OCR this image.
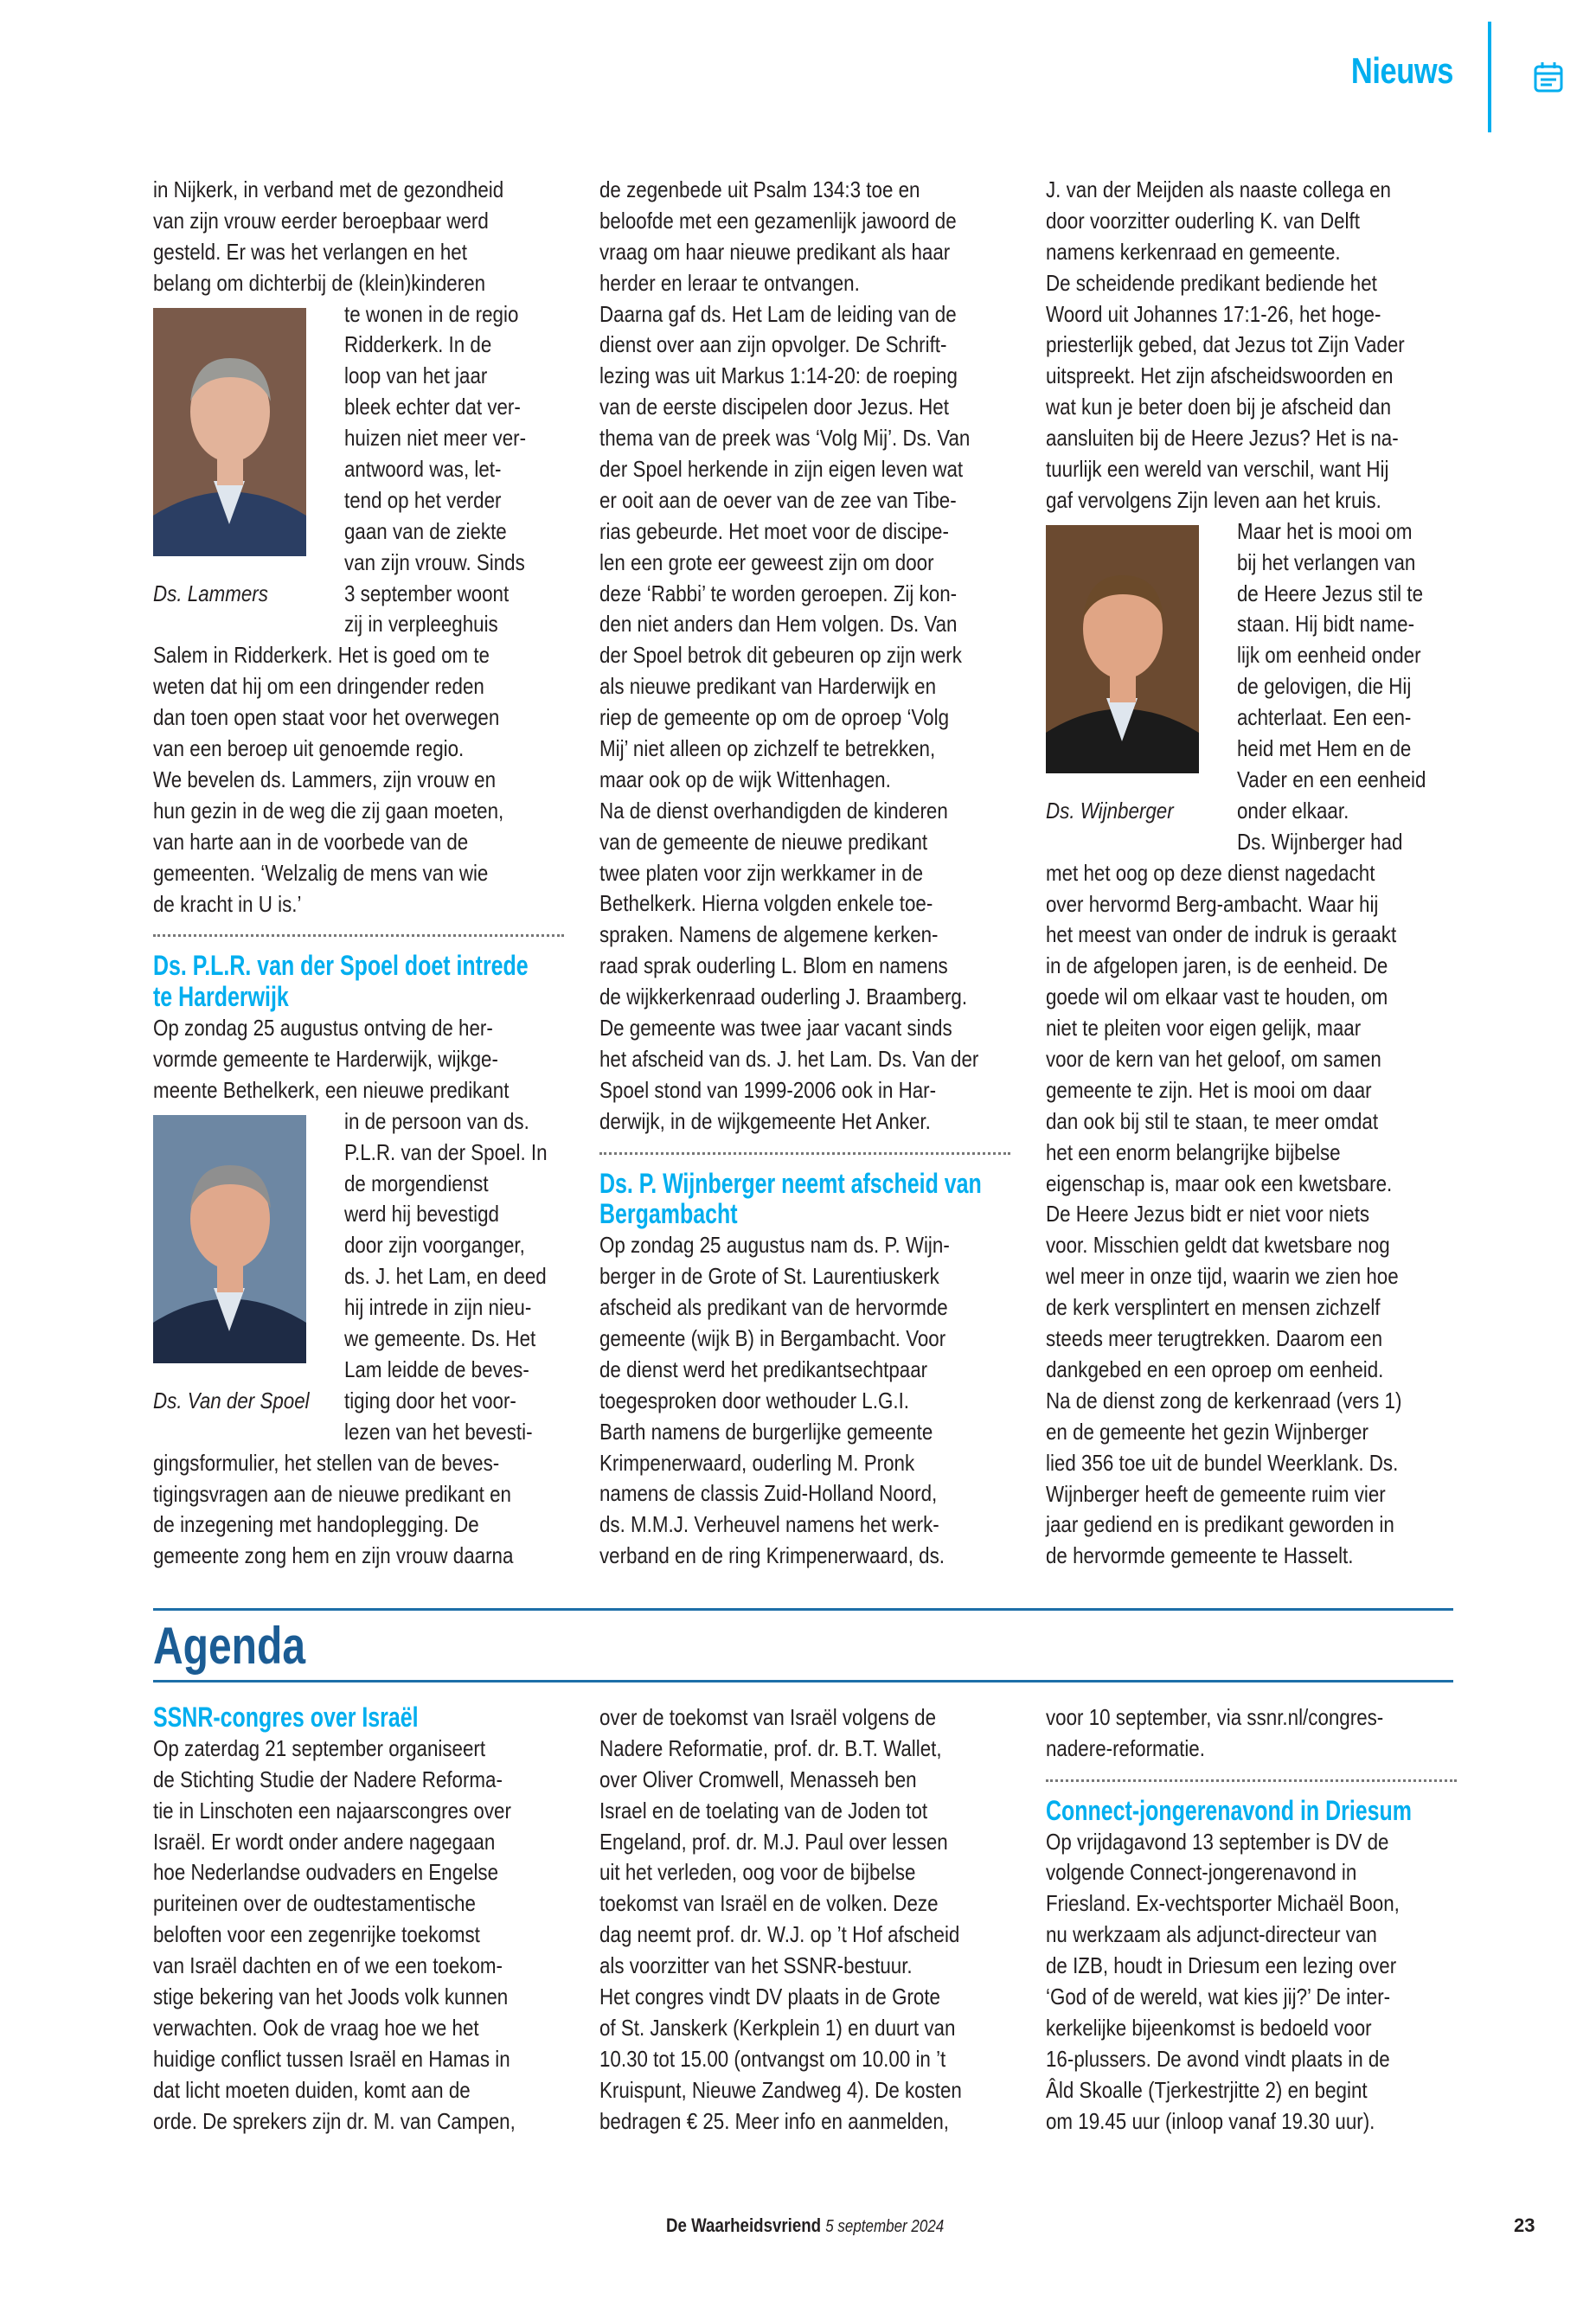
Nieuws
in Nijkerk, in verband met de gezondheid
van zijn vrouw eerder beroepbaar werd
gesteld. Er was het verlangen en het
belang om dichterbij de (klein)kinderen
Ds. Lammers
te wonen in de regio
Ridderkerk. In de
loop van het jaar
bleek echter dat ver-
huizen niet meer ver-
antwoord was, let-
tend op het verder
gaan van de ziekte
van zijn vrouw. Sinds
3 september woont
zij in verpleeghuis
Salem in Ridderkerk. Het is goed om te
weten dat hij om een dringender reden
dan toen open staat voor het overwegen
van een beroep uit genoemde regio.
We bevelen ds. Lammers, zijn vrouw en
hun gezin in de weg die zij gaan moeten,
van harte aan in de voorbede van de
gemeenten. ‘Welzalig de mens van wie
de kracht in U is.’
Ds. P.L.R. van der Spoel doet intrede
te Harderwijk
Op zondag 25 augustus ontving de her-
vormde gemeente te Harderwijk, wijkge-
meente Bethelkerk, een nieuwe predikant
Ds. Van der Spoel
in de persoon van ds.
P.L.R. van der Spoel. In
de morgendienst
werd hij bevestigd
door zijn voorganger,
ds. J. het Lam, en deed
hij intrede in zijn nieu-
we gemeente. Ds. Het
Lam leidde de beves-
tiging door het voor-
lezen van het bevesti-
gingsformulier, het stellen van de beves-
tigingsvragen aan de nieuwe predikant en
de inzegening met handoplegging. De
gemeente zong hem en zijn vrouw daarna
de zegenbede uit Psalm 134:3 toe en
beloofde met een gezamenlijk jawoord de
vraag om haar nieuwe predikant als haar
herder en leraar te ontvangen.
Daarna gaf ds. Het Lam de leiding van de
dienst over aan zijn opvolger. De Schrift-
lezing was uit Markus 1:14-20: de roeping
van de eerste discipelen door Jezus. Het
thema van de preek was ‘Volg Mij’. Ds. Van
der Spoel herkende in zijn eigen leven wat
er ooit aan de oever van de zee van Tibe-
rias gebeurde. Het moet voor de discipe-
len een grote eer geweest zijn om door
deze ‘Rabbi’ te worden geroepen. Zij kon-
den niet anders dan Hem volgen. Ds. Van
der Spoel betrok dit gebeuren op zijn werk
als nieuwe predikant van Harderwijk en
riep de gemeente op om de oproep ‘Volg
Mij’ niet alleen op zichzelf te betrekken,
maar ook op de wijk Wittenhagen.
Na de dienst overhandigden de kinderen
van de gemeente de nieuwe predikant
twee platen voor zijn werkkamer in de
Bethelkerk. Hierna volgden enkele toe-
spraken. Namens de algemene kerken-
raad sprak ouderling L. Blom en namens
de wijkkerkenraad ouderling J. Braamberg.
De gemeente was twee jaar vacant sinds
het afscheid van ds. J. het Lam. Ds. Van der
Spoel stond van 1999-2006 ook in Har-
derwijk, in de wijkgemeente Het Anker.
Ds. P. Wijnberger neemt afscheid van
Bergambacht
Op zondag 25 augustus nam ds. P. Wijn-
berger in de Grote of St. Laurentiuskerk
afscheid als predikant van de hervormde
gemeente (wijk B) in Bergambacht. Voor
de dienst werd het predikantsechtpaar
toegesproken door wethouder L.G.I.
Barth namens de burgerlijke gemeente
Krimpenerwaard, ouderling M. Pronk
namens de classis Zuid-Holland Noord,
ds. M.M.J. Verheuvel namens het werk-
verband en de ring Krimpenerwaard, ds.
J. van der Meijden als naaste collega en
door voorzitter ouderling K. van Delft
namens kerkenraad en gemeente.
De scheidende predikant bediende het
Woord uit Johannes 17:1-26, het hoge-
priesterlijk gebed, dat Jezus tot Zijn Vader
uitspreekt. Het zijn afscheidswoorden en
wat kun je beter doen bij je afscheid dan
aansluiten bij de Heere Jezus? Het is na-
tuurlijk een wereld van verschil, want Hij
gaf vervolgens Zijn leven aan het kruis.
Ds. Wijnberger
Maar het is mooi om
bij het verlangen van
de Heere Jezus stil te
staan. Hij bidt name-
lijk om eenheid onder
de gelovigen, die Hij
achterlaat. Een een-
heid met Hem en de
Vader en een eenheid
onder elkaar.
Ds. Wijnberger had
met het oog op deze dienst nagedacht
over hervormd Berg-ambacht. Waar hij
het meest van onder de indruk is geraakt
in de afgelopen jaren, is de eenheid. De
goede wil om elkaar vast te houden, om
niet te pleiten voor eigen gelijk, maar
voor de kern van het geloof, om samen
gemeente te zijn. Het is mooi om daar
dan ook bij stil te staan, te meer omdat
het een enorm belangrijke bijbelse
eigenschap is, maar ook een kwetsbare.
De Heere Jezus bidt er niet voor niets
voor. Misschien geldt dat kwetsbare nog
wel meer in onze tijd, waarin we zien hoe
de kerk versplintert en mensen zichzelf
steeds meer terugtrekken. Daarom een
dankgebed en een oproep om eenheid.
Na de dienst zong de kerkenraad (vers 1)
en de gemeente het gezin Wijnberger
lied 356 toe uit de bundel Weerklank. Ds.
Wijnberger heeft de gemeente ruim vier
jaar gediend en is predikant geworden in
de hervormde gemeente te Hasselt.
Agenda
SSNR-congres over Israël
Op zaterdag 21 september organiseert
de Stichting Studie der Nadere Reforma-
tie in Linschoten een najaarscongres over
Israël. Er wordt onder andere nagegaan
hoe Nederlandse oudvaders en Engelse
puriteinen over de oudtestamentische
beloften voor een zegenrijke toekomst
van Israël dachten en of we een toekom-
stige bekering van het Joods volk kunnen
verwachten. Ook de vraag hoe we het
huidige conflict tussen Israël en Hamas in
dat licht moeten duiden, komt aan de
orde. De sprekers zijn dr. M. van Campen,
over de toekomst van Israël volgens de
Nadere Reformatie, prof. dr. B.T. Wallet,
over Oliver Cromwell, Menasseh ben
Israel en de toelating van de Joden tot
Engeland, prof. dr. M.J. Paul over lessen
uit het verleden, oog voor de bijbelse
toekomst van Israël en de volken. Deze
dag neemt prof. dr. W.J. op ’t Hof afscheid
als voorzitter van het SSNR-bestuur.
Het congres vindt DV plaats in de Grote
of St. Janskerk (Kerkplein 1) en duurt van
10.30 tot 15.00 (ontvangst om 10.00 in ’t
Kruispunt, Nieuwe Zandweg 4). De kosten
bedragen € 25. Meer info en aanmelden,
voor 10 september, via ssnr.nl/congres-
nadere-reformatie.
Connect-jongerenavond in Driesum
Op vrijdagavond 13 september is DV de
volgende Connect-jongerenavond in
Friesland. Ex-vechtsporter Michaël Boon,
nu werkzaam als adjunct-directeur van
de IZB, houdt in Driesum een lezing over
‘God of de wereld, wat kies jij?’ De inter-
kerkelijke bijeenkomst is bedoeld voor
16-plussers. De avond vindt plaats in de
Âld Skoalle (Tjerkestrjitte 2) en begint
om 19.45 uur (inloop vanaf 19.30 uur).
De Waarheidsvriend 5 september 2024	23
